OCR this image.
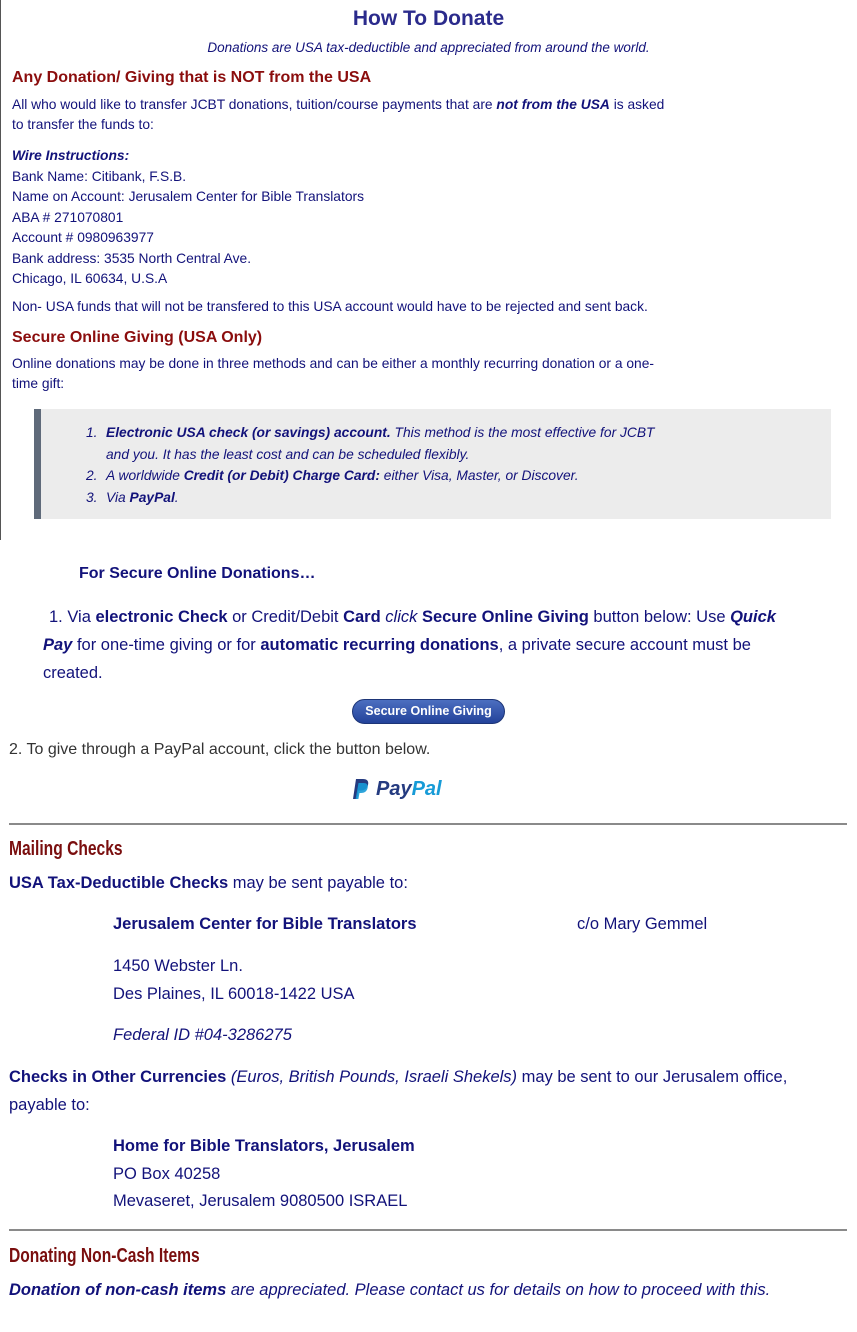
How To Donate
Donations are USA tax-deductible and appreciated from around the world.
Any Donation/ Giving that is NOT from the USA
All who would like to transfer JCBT donations, tuition/course payments that are not from the USA is asked
to transfer the funds to:
Wire Instructions:
Bank Name: Citibank, F.S.B.
Name on Account: Jerusalem Center for Bible Translators
ABA # 271070801
Account # 0980963977
Bank address: 3535 North Central Ave.
Chicago, IL 60634, U.S.A
Non- USA funds that will not be transfered to this USA account would have to be rejected and sent back.
Secure Online Giving (USA Only)
Online donations may be done in three methods and can be either a monthly recurring donation or a one-
time gift:
1. Electronic USA check (or savings) account. This method is the most effective for JCBT
and you. It has the least cost and can be scheduled flexibly.
2. A worldwide Credit (or Debit) Charge Card: either Visa, Master, or Discover.
3. Via PayPal.
For Secure Online Donations…
1. Via electronic Check or Credit/Debit Card click Secure Online Giving button below: Use Quick
Pay for one-time giving or for automatic recurring donations, a private secure account must be
created.
Secure Online Giving
2. To give through a PayPal account, click the button below.
PayPal
Mailing Checks
USA Tax-Deductible Checks may be sent payable to:
Jerusalem Center for Bible Translators	c/o Mary Gemmel
1450 Webster Ln.
Des Plaines, IL 60018-1422 USA
Federal ID #04-3286275
Checks in Other Currencies (Euros, British Pounds, Israeli Shekels) may be sent to our Jerusalem office,
payable to:
Home for Bible Translators, Jerusalem
PO Box 40258
Mevaseret, Jerusalem 9080500 ISRAEL
Donating Non-Cash Items
Donation of non-cash items are appreciated. Please contact us for details on how to proceed with this.
